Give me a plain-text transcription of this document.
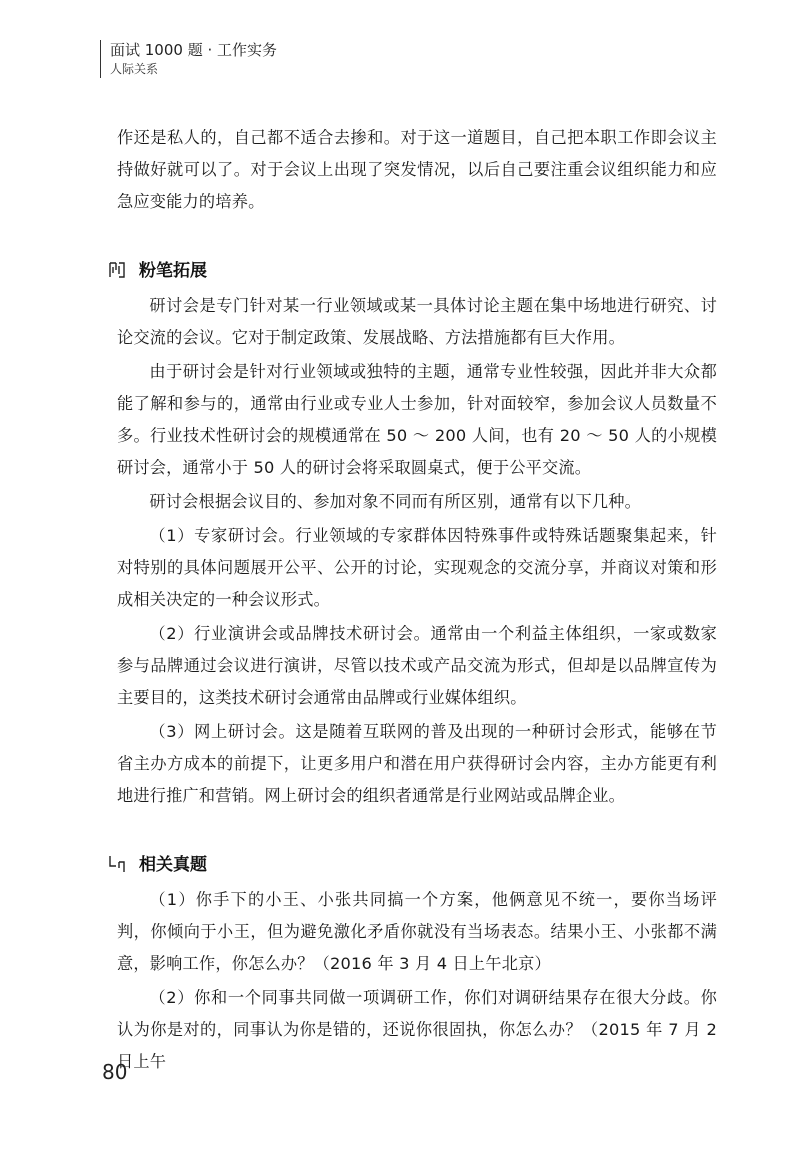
面试 1000 题 · 工作实务
人际关系

作还是私人的，自己都不适合去掺和。对于这一道题目，自己把本职工作即会议主持做好就可以了。对于会议上出现了突发情况，以后自己要注重会议组织能力和应急应变能力的培养。

粉笔拓展

研讨会是专门针对某一行业领域或某一具体讨论主题在集中场地进行研究、讨论交流的会议。它对于制定政策、发展战略、方法措施都有巨大作用。

由于研讨会是针对行业领域或独特的主题，通常专业性较强，因此并非大众都能了解和参与的，通常由行业或专业人士参加，针对面较窄，参加会议人员数量不多。行业技术性研讨会的规模通常在 50 ～ 200 人间，也有 20 ～ 50 人的小规模研讨会，通常小于 50 人的研讨会将采取圆桌式，便于公平交流。

研讨会根据会议目的、参加对象不同而有所区别，通常有以下几种。

（1）专家研讨会。行业领域的专家群体因特殊事件或特殊话题聚集起来，针对特别的具体问题展开公平、公开的讨论，实现观念的交流分享，并商议对策和形成相关决定的一种会议形式。

（2）行业演讲会或品牌技术研讨会。通常由一个利益主体组织，一家或数家参与品牌通过会议进行演讲，尽管以技术或产品交流为形式，但却是以品牌宣传为主要目的，这类技术研讨会通常由品牌或行业媒体组织。

（3）网上研讨会。这是随着互联网的普及出现的一种研讨会形式，能够在节省主办方成本的前提下，让更多用户和潜在用户获得研讨会内容，主办方能更有利地进行推广和营销。网上研讨会的组织者通常是行业网站或品牌企业。

相关真题

（1）你手下的小王、小张共同搞一个方案，他俩意见不统一，要你当场评判，你倾向于小王，但为避免激化矛盾你就没有当场表态。结果小王、小张都不满意，影响工作，你怎么办？（2016 年 3 月 4 日上午北京）

（2）你和一个同事共同做一项调研工作，你们对调研结果存在很大分歧。你认为你是对的，同事认为你是错的，还说你很固执，你怎么办？（2015 年 7 月 2 日上午

80
